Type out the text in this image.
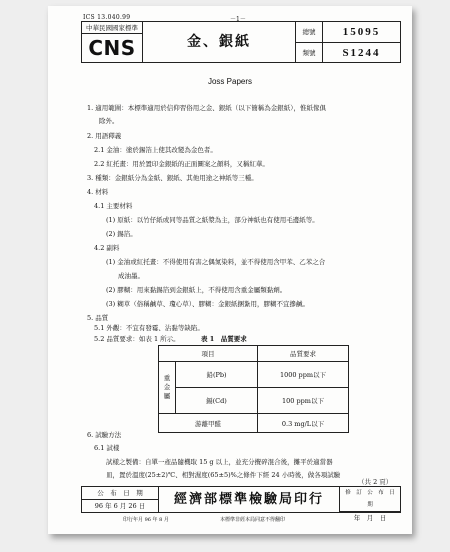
ICS 13.040.99	－1－
中華民國國家標準
CNS	金、銀紙
總號	15095
類號	S1244
Joss Papers
1. 適用範圍：本標準適用於信仰習俗用之金、銀紙（以下簡稱為金銀紙），惟紙傢俱
除外。
2. 用語釋義
2.1 金油：塗於錫箔上使其改變為金色者。
2.2 紅托畫：用於置印金銀紙的正面圖案之顏料，又稱紅華。
3. 種類：金銀紙分為金紙、銀紙、其他用途之神紙等三種。
4. 材料
4.1 主要材料
(1) 原紙：以竹仔紙或同等品質之紙漿為主，部分神紙也有使用毛邊紙等。
(2) 錫箔。
4.2 副料
(1) 金油或紅托畫：不得使用有害之偶氮染料，並不得使用含甲苯、乙苯之合
成油墨。
(2) 膠糊：用來黏錫箔到金銀紙上，不得使用含重金屬類黏劑。
(3) 糊草（俗稱鹹草、瓊心草）、膠糊：金銀紙捆紮用，膠糊不宜摻鹹。
5. 品質
5.1 外觀：不宜有發霉、沾黏等缺陷。
5.2 品質要求：如表 1 所示。	表 1　品質要求
項目		品質要求

重
金
屬	鉛(Pb)	1000 ppm以下
	鎘(Cd)	100 ppm以下
游離甲醛		0.3 mg/L以下
6. 試驗方法
6.1 試樣
試樣之製備：自單一產品隨機取 15 g 以上，並充分攪碎混合後，攤平於適當器
皿，置於溫度(25±2)℃、相對濕度(65±5)%之條件下經 24 小時後，做各項試驗
（共 2 頁）
公　布　日　期
96 年 6 月 26 日	經濟部標準檢驗局印行	修　訂　公　布　日　期
年　月　日
印行年月 96 年 8 月	本標準非經本局同意不得翻印
